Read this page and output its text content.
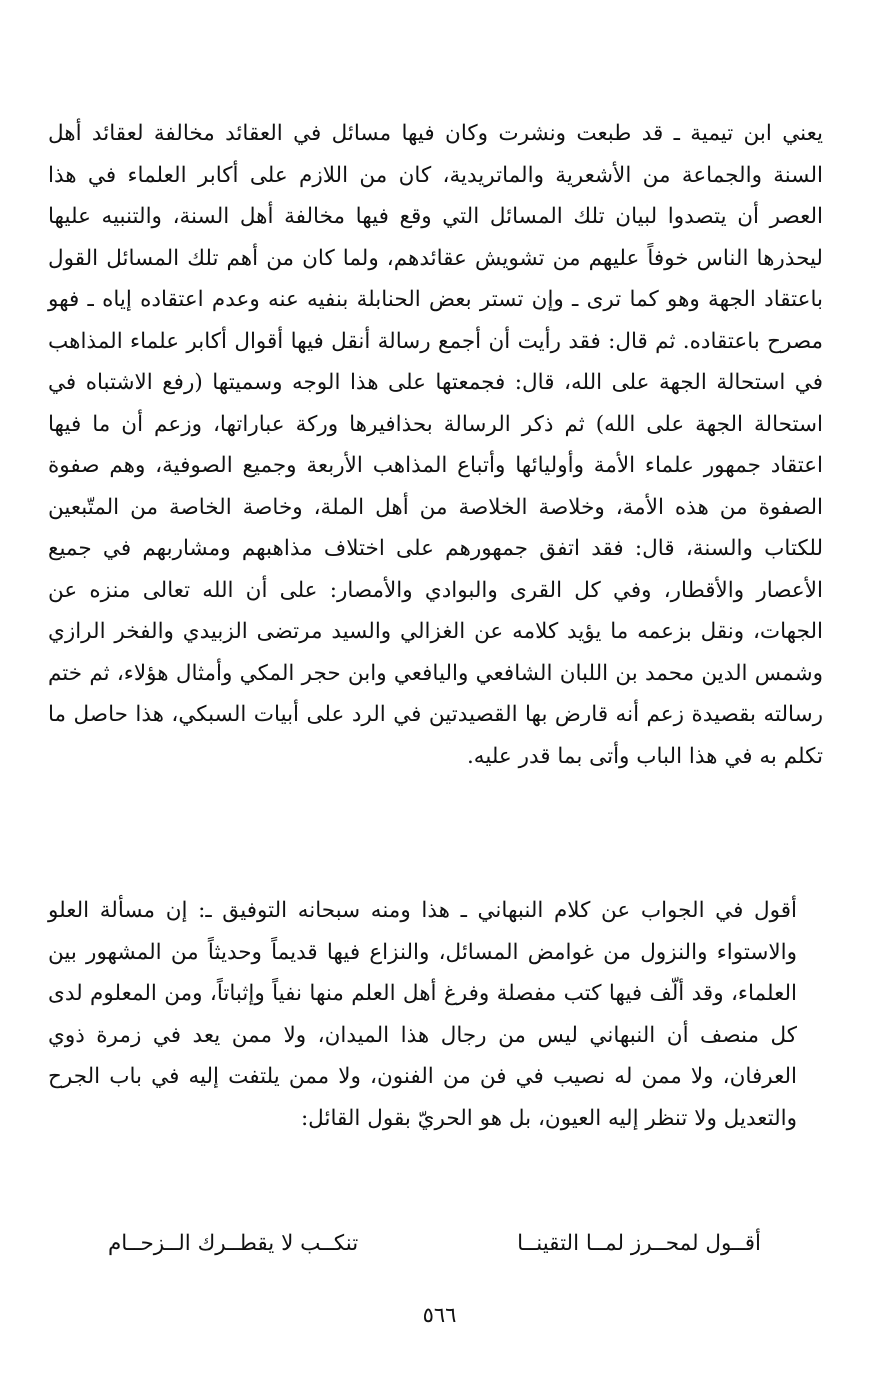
يعني ابن تيمية ـ قد طبعت ونشرت وكان فيها مسائل في العقائد مخالفة لعقائد أهل السنة والجماعة من الأشعرية والماتريدية، كان من اللازم على أكابر العلماء في هذا العصر أن يتصدوا لبيان تلك المسائل التي وقع فيها مخالفة أهل السنة، والتنبيه عليها ليحذرها الناس خوفاً عليهم من تشويش عقائدهم، ولما كان من أهم تلك المسائل القول باعتقاد الجهة وهو كما ترى ـ وإن تستر بعض الحنابلة بنفيه عنه وعدم اعتقاده إياه ـ فهو مصرح باعتقاده. ثم قال: فقد رأيت أن أجمع رسالة أنقل فيها أقوال أكابر علماء المذاهب في استحالة الجهة على الله، قال: فجمعتها على هذا الوجه وسميتها (رفع الاشتباه في استحالة الجهة على الله) ثم ذكر الرسالة بحذافيرها وركة عباراتها، وزعم أن ما فيها اعتقاد جمهور علماء الأمة وأوليائها وأتباع المذاهب الأربعة وجميع الصوفية، وهم صفوة الصفوة من هذه الأمة، وخلاصة الخلاصة من أهل الملة، وخاصة الخاصة من المتّبعين للكتاب والسنة، قال: فقد اتفق جمهورهم على اختلاف مذاهبهم ومشاربهم في جميع الأعصار والأقطار، وفي كل القرى والبوادي والأمصار: على أن الله تعالى منزه عن الجهات، ونقل بزعمه ما يؤيد كلامه عن الغزالي والسيد مرتضى الزبيدي والفخر الرازي وشمس الدين محمد بن اللبان الشافعي واليافعي وابن حجر المكي وأمثال هؤلاء، ثم ختم رسالته بقصيدة زعم أنه قارض بها القصيدتين في الرد على أبيات السبكي، هذا حاصل ما تكلم به في هذا الباب وأتى بما قدر عليه.

أقول في الجواب عن كلام النبهاني ـ هذا ومنه سبحانه التوفيق ـ: إن مسألة العلو والاستواء والنزول من غوامض المسائل، والنزاع فيها قديماً وحديثاً من المشهور بين العلماء، وقد ألّف فيها كتب مفصلة وفرغ أهل العلم منها نفياً وإثباتاً، ومن المعلوم لدى كل منصف أن النبهاني ليس من رجال هذا الميدان، ولا ممن يعد في زمرة ذوي العرفان، ولا ممن له نصيب في فن من الفنون، ولا ممن يلتفت إليه في باب الجرح والتعديل ولا تنظر إليه العيون، بل هو الحريّ بقول القائل:

أقــول لمحــرز لمــا التقينــا
تنكــب لا يقطــرك الــزحــام
٥٦٦
